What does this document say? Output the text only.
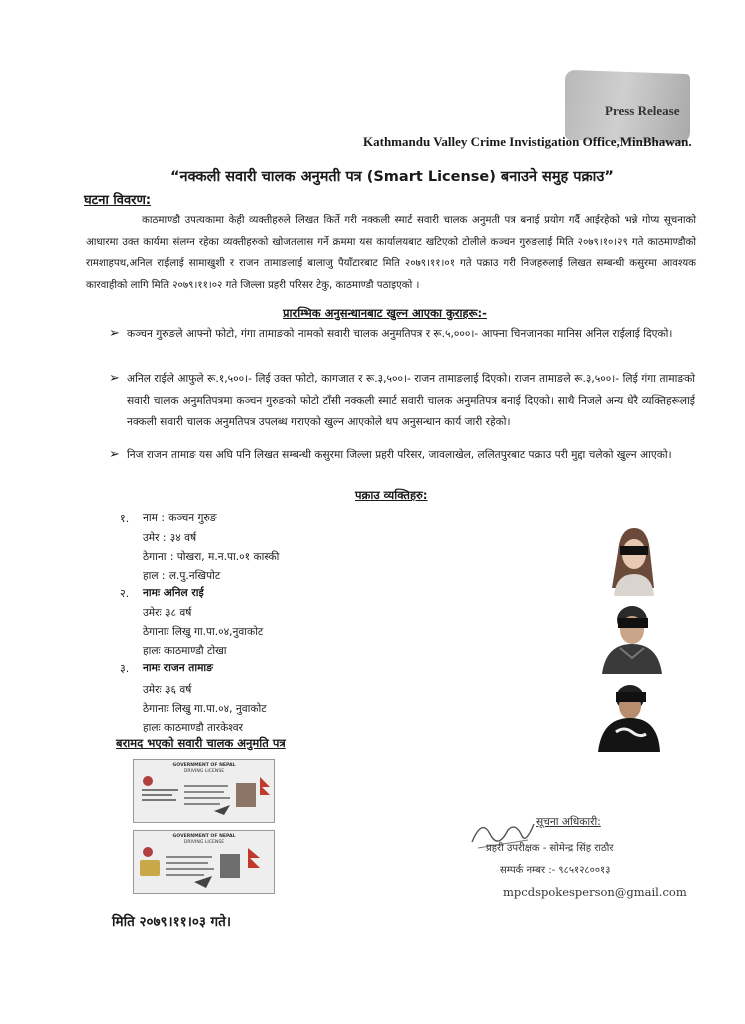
Press Release
Kathmandu Valley Crime Invistigation Office,MinBhawan.
“नक्कली सवारी चालक अनुमती पत्र (Smart License) बनाउने समुह पक्राउ”
घटना विवरण:
काठमाण्डौ उपत्यकामा केही व्यक्तीहरुले लिखत किर्ते गरी नक्कली स्मार्ट सवारी चालक अनुमती पत्र बनाई प्रयोग गर्दै आईरहेको भन्ने गोप्य सूचनाको आधारमा उक्त कार्यमा संलग्न रहेका व्यक्तीहरुको खोजतलास गर्ने क्रममा यस कार्यालयबाट खटिएको टोलीले कञ्चन गुरुङलाई मिति २०७९।१०।२९ गते काठमाण्डौको रामशाहपथ,अनिल राईलाई सामाखुशी र राजन तामाङलाई बालाजु पैयाँटारबाट मिति २०७९।११।०१ गते पक्राउ गरी निजहरुलाई लिखत सम्बन्धी कसुरमा आवश्यक कारवाहीको लागि मिति २०७९।११।०२ गते जिल्ला प्रहरी परिसर टेकु, काठमाण्डौ पठाइएको ।
प्रारम्भिक अनुसन्धानबाट खुल्न आएका कुराहरू:-
➢ कञ्चन गुरुङले आफ्नो फोटो, गंगा तामाङको नामको सवारी चालक अनुमतिपत्र र रू.५,०००।- आफ्ना चिनजानका मानिस अनिल राईलाई दिएको।
➢ अनिल राईले आफुले रू.१,५००।- लिई उक्त फोटो, कागजात र रू.३,५००।- राजन तामाङलाई दिएको। राजन तामाङले रू.३,५००।- लिई गंगा तामाङको सवारी चालक अनुमतिपत्रमा कञ्चन गुरुङको फोटो टाँसी नक्कली स्मार्ट सवारी चालक अनुमतिपत्र बनाई दिएको। साथै निजले अन्य धेरै व्यक्तिहरूलाई नक्कली सवारी चालक अनुमतिपत्र उपलब्ध गराएको खुल्न आएकोले थप अनुसन्धान कार्य जारी रहेको।
➢ निज राजन तामाङ यस अघि पनि लिखत सम्बन्धी कसुरमा जिल्ला प्रहरी परिसर, जावलाखेल, ललितपुरबाट पक्राउ परी मुद्दा चलेको खुल्न आएको।
पक्राउ व्यक्तिहरु:
१. नाम : कञ्चन गुरुङ
उमेर : ३४ वर्ष
ठेगाना : पोखरा, म.न.पा.०१ कास्की
हाल : ल.पु.नखिपोट
२. नामः अनिल राई
उमेरः ३८ वर्ष
ठेगानाः लिखु गा.पा.०४,नुवाकोट
हालः काठमाण्डौ टोखा
३. नामः राजन तामाङ
उमेरः ३६ वर्ष
ठेगानाः लिखु गा.पा.०४, नुवाकोट
हालः काठमाण्डौ तारकेश्वर
बरामद भएको सवारी चालक अनुमति पत्र
GOVERNMENT OF NEPAL
DRIVING LICENSE
GOVERNMENT OF NEPAL
DRIVING LICENSE
सूचना अधिकारी:
प्रहरी उपरीक्षक - सोमेन्द्र सिंह राठौर
सम्पर्क नम्बर :- ९८५१२८००१३
mpcdspokesperson@gmail.com
मिति २०७९।११।०३ गते।
